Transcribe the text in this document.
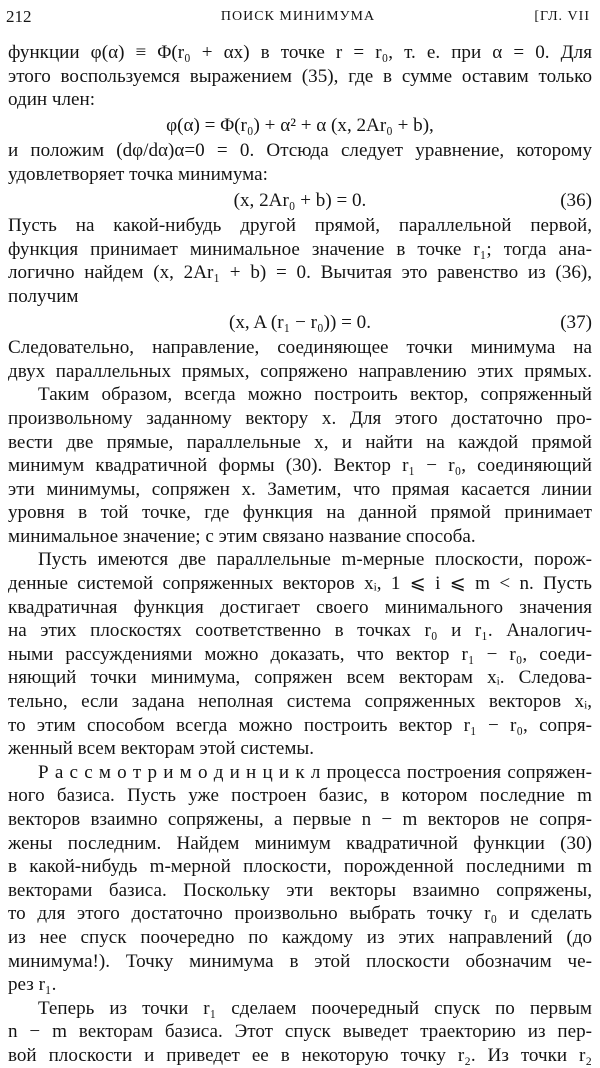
212	ПОИСК МИНИМУМА	[ГЛ. VII
функции φ(α) ≡ Φ(r₀ + αx) в точке r = r₀, т. е. при α = 0. Для
этого воспользуемся выражением (35), где в сумме оставим только
один член:
φ(α) = Φ(r₀) + α² + α (x, 2Ar₀ + b),
и положим (dφ/dα)α=0 = 0. Отсюда следует уравнение, которому
удовлетворяет точка минимума:
(x, 2Ar₀ + b) = 0.	(36)
Пусть на какой-нибудь другой прямой, параллельной первой,
функция принимает минимальное значение в точке r₁; тогда ана-
логично найдем (x, 2Ar₁ + b) = 0. Вычитая это равенство из (36),
получим
(x, A (r₁ − r₀)) = 0.	(37)
Следовательно, направление, соединяющее точки минимума на
двух параллельных прямых, сопряжено направлению этих прямых.
Таким образом, всегда можно построить вектор, сопряженный
произвольному заданному вектору x. Для этого достаточно про-
вести две прямые, параллельные x, и найти на каждой прямой
минимум квадратичной формы (30). Вектор r₁ − r₀, соединяющий
эти минимумы, сопряжен x. Заметим, что прямая касается линии
уровня в той точке, где функция на данной прямой принимает
минимальное значение; с этим связано название способа.
Пусть имеются две параллельные m-мерные плоскости, порож-
денные системой сопряженных векторов xᵢ, 1 ⩽ i ⩽ m < n. Пусть
квадратичная функция достигает своего минимального значения
на этих плоскостях соответственно в точках r₀ и r₁. Аналогич-
ными рассуждениями можно доказать, что вектор r₁ − r₀, соеди-
няющий точки минимума, сопряжен всем векторам xᵢ. Следова-
тельно, если задана неполная система сопряженных векторов xᵢ,
то этим способом всегда можно построить вектор r₁ − r₀, сопря-
женный всем векторам этой системы.
Р а с с м о т р и м о д и н ц и к л процесса построения сопряжен-
ного базиса. Пусть уже построен базис, в котором последние m
векторов взаимно сопряжены, а первые n − m векторов не сопря-
жены последним. Найдем минимум квадратичной функции (30)
в какой-нибудь m-мерной плоскости, порожденной последними m
векторами базиса. Поскольку эти векторы взаимно сопряжены,
то для этого достаточно произвольно выбрать точку r₀ и сделать
из нее спуск поочередно по каждому из этих направлений (до
минимума!). Точку минимума в этой плоскости обозначим че-
рез r₁.
Теперь из точки r₁ сделаем поочередный спуск по первым
n − m векторам базиса. Этот спуск выведет траекторию из пер-
вой плоскости и приведет ее в некоторую точку r₂. Из точки r₂
